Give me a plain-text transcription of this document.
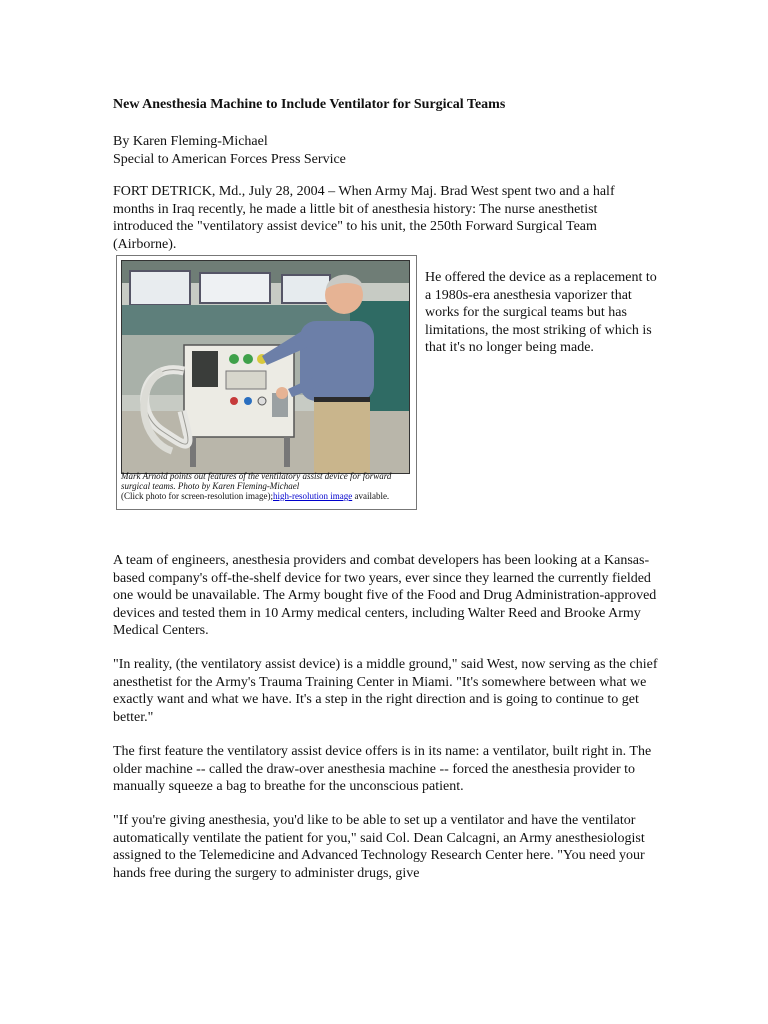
New Anesthesia Machine to Include Ventilator for Surgical Teams
By Karen Fleming-Michael
Special to American Forces Press Service

FORT DETRICK, Md., July 28, 2004 – When Army Maj. Brad West spent two and a half months in Iraq recently, he made a little bit of anesthesia history: The nurse anesthetist introduced the "ventilatory assist device" to his unit, the 250th Forward Surgical Team (Airborne).

Mark Arnold points out features of the ventilatory assist device for forward surgical teams. Photo by Karen Fleming-Michael
(Click photo for screen-resolution image);high-resolution image available.

He offered the device as a replacement to a 1980s-era anesthesia vaporizer that works for the surgical teams but has limitations, the most striking of which is that it's no longer being made.

A team of engineers, anesthesia providers and combat developers has been looking at a Kansas-based company's off-the-shelf device for two years, ever since they learned the currently fielded one would be unavailable. The Army bought five of the Food and Drug Administration-approved devices and tested them in 10 Army medical centers, including Walter Reed and Brooke Army Medical Centers.

"In reality, (the ventilatory assist device) is a middle ground," said West, now serving as the chief anesthetist for the Army's Trauma Training Center in Miami. "It's somewhere between what we exactly want and what we have. It's a step in the right direction and is going to continue to get better."

The first feature the ventilatory assist device offers is in its name: a ventilator, built right in. The older machine -- called the draw-over anesthesia machine -- forced the anesthesia provider to manually squeeze a bag to breathe for the unconscious patient.

"If you're giving anesthesia, you'd like to be able to set up a ventilator and have the ventilator automatically ventilate the patient for you," said Col. Dean Calcagni, an Army anesthesiologist assigned to the Telemedicine and Advanced Technology Research Center here. "You need your hands free during the surgery to administer drugs, give
